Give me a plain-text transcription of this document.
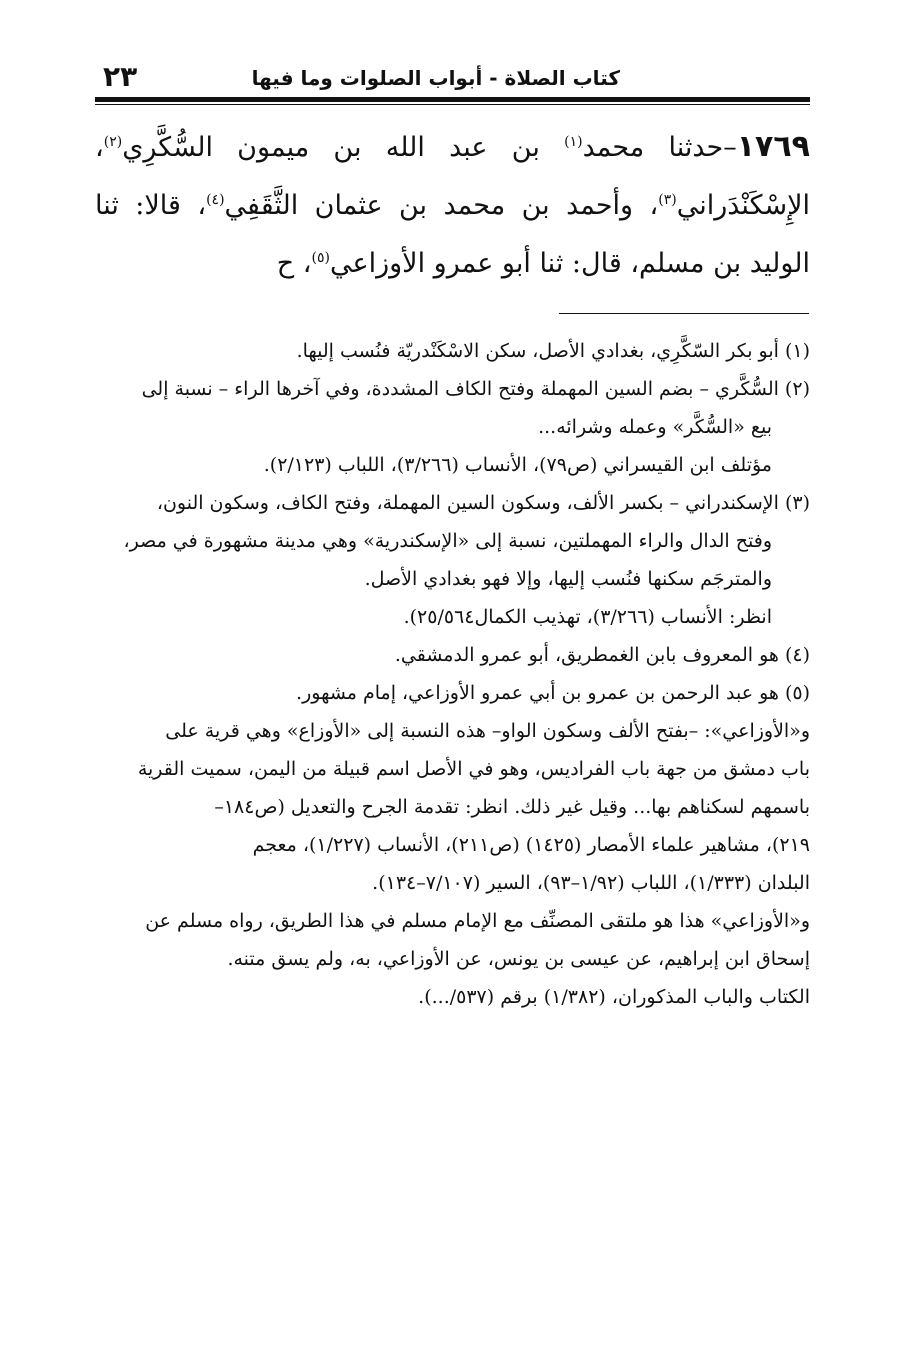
كتاب الصلاة - أبواب الصلوات وما فيها
٢٣
١٧٦٩–حدثنا محمد$^{(١)}$ بن عبد الله بن ميمون السُّكَّرِي$^{(٢)}$، الإِسْكَنْدَراني$^{(٣)}$، وأحمد بن محمد بن عثمان الثَّقَفِي$^{(٤)}$، قالا: ثنا الوليد بن مسلم، قال: ثنا أبو عمرو الأوزاعي$^{(٥)}$، ح
(١) أبو بكر السّكَّرِي، بغدادي الأصل، سكن الاسْكَنْدريّة فنُسب إليها.
(٢) السُّكَّري – بضم السين المهملة وفتح الكاف المشددة، وفي آخرها الراء – نسبة إلى
بيع «السُّكَّر» وعمله وشرائه...
مؤتلف ابن القيسراني (ص٧٩)، الأنساب (٣/٢٦٦)، اللباب (٢/١٢٣).
(٣) الإسكندراني – بكسر الألف، وسكون السين المهملة، وفتح الكاف، وسكون النون،
وفتح الدال والراء المهملتين، نسبة إلى «الإسكندرية» وهي مدينة مشهورة في مصر،
والمترجَم سكنها فنُسب إليها، وإلا فهو بغدادي الأصل.
انظر: الأنساب (٣/٢٦٦)، تهذيب الكمال٢٥/٥٦٤).
(٤) هو المعروف بابن الغمطريق، أبو عمرو الدمشقي.
(٥) هو عبد الرحمن بن عمرو بن أبي عمرو الأوزاعي، إمام مشهور.
و«الأوزاعي»: –بفتح الألف وسكون الواو– هذه النسبة إلى «الأوزاع» وهي قرية على
باب دمشق من جهة باب الفراديس، وهو في الأصل اسم قبيلة من اليمن، سميت القرية
باسمهم لسكناهم بها... وقيل غير ذلك. انظر: تقدمة الجرح والتعديل (ص١٨٤–
٢١٩)، مشاهير علماء الأمصار (١٤٢٥) (ص٢١١)، الأنساب (١/٢٢٧)، معجم
البلدان (١/٣٣٣)، اللباب (١/٩٢–٩٣)، السير (٧/١٠٧–١٣٤).
و«الأوزاعي» هذا هو ملتقى المصنِّف مع الإمام مسلم في هذا الطريق، رواه مسلم عن
إسحاق ابن إبراهيم، عن عيسى بن يونس، عن الأوزاعي، به، ولم يسق متنه.
الكتاب والباب المذكوران، (١/٣٨٢) برقم (٥٣٧/...).
